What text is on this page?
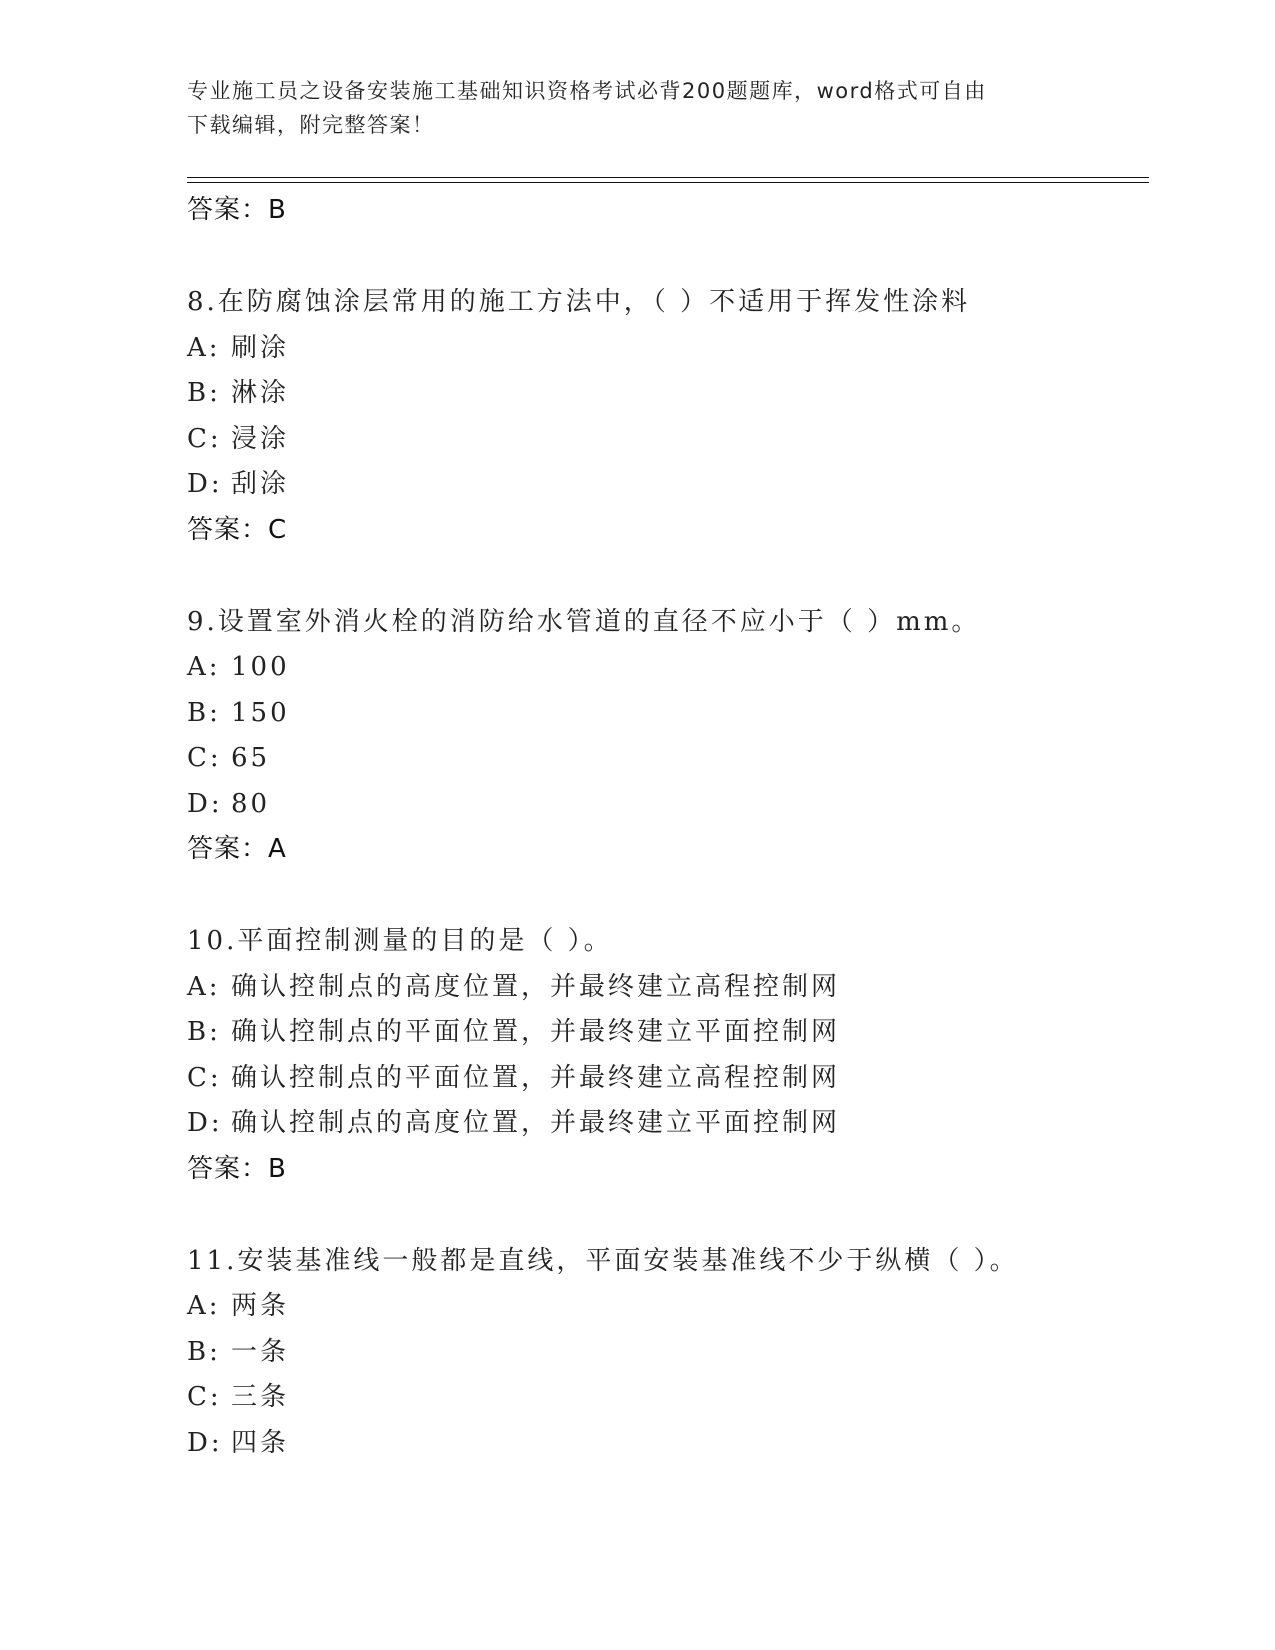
专业施工员之设备安装施工基础知识资格考试必背200题题库，word格式可自由
下载编辑，附完整答案！
答案：B
8.在防腐蚀涂层常用的施工方法中，（ ）不适用于挥发性涂料
A: 刷涂
B: 淋涂
C: 浸涂
D: 刮涂
答案：C
9.设置室外消火栓的消防给水管道的直径不应小于（ ）mm。
A: 100
B: 150
C: 65
D: 80
答案：A
10.平面控制测量的目的是（ ）。
A: 确认控制点的高度位置，并最终建立高程控制网
B: 确认控制点的平面位置，并最终建立平面控制网
C: 确认控制点的平面位置，并最终建立高程控制网
D: 确认控制点的高度位置，并最终建立平面控制网
答案：B
11.安装基准线一般都是直线，平面安装基准线不少于纵横（ ）。
A: 两条
B: 一条
C: 三条
D: 四条
